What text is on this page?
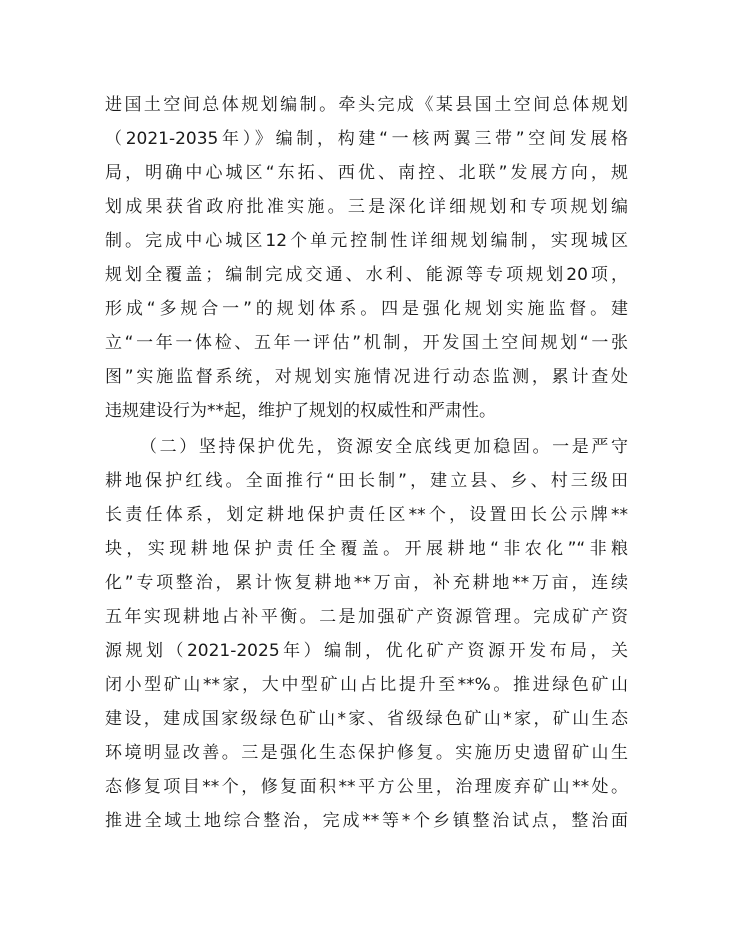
进国土空间总体规划编制。牵头完成《某县国土空间总体规划
（2021-2035年）》编制，构建“一核两翼三带”空间发展格
局，明确中心城区“东拓、西优、南控、北联”发展方向，规
划成果获省政府批准实施。三是深化详细规划和专项规划编
制。完成中心城区12个单元控制性详细规划编制，实现城区
规划全覆盖；编制完成交通、水利、能源等专项规划20项，
形成“多规合一”的规划体系。四是强化规划实施监督。建
立“一年一体检、五年一评估”机制，开发国土空间规划“一张
图”实施监督系统，对规划实施情况进行动态监测，累计查处
违规建设行为**起，维护了规划的权威性和严肃性。
（二）坚持保护优先，资源安全底线更加稳固。一是严守
耕地保护红线。全面推行“田长制”，建立县、乡、村三级田
长责任体系，划定耕地保护责任区**个，设置田长公示牌**
块，实现耕地保护责任全覆盖。开展耕地“非农化”“非粮
化”专项整治，累计恢复耕地**万亩，补充耕地**万亩，连续
五年实现耕地占补平衡。二是加强矿产资源管理。完成矿产资
源规划（2021-2025年）编制，优化矿产资源开发布局，关
闭小型矿山**家，大中型矿山占比提升至**%。推进绿色矿山
建设，建成国家级绿色矿山*家、省级绿色矿山*家，矿山生态
环境明显改善。三是强化生态保护修复。实施历史遗留矿山生
态修复项目**个，修复面积**平方公里，治理废弃矿山**处。
推进全域土地综合整治，完成**等*个乡镇整治试点，整治面
